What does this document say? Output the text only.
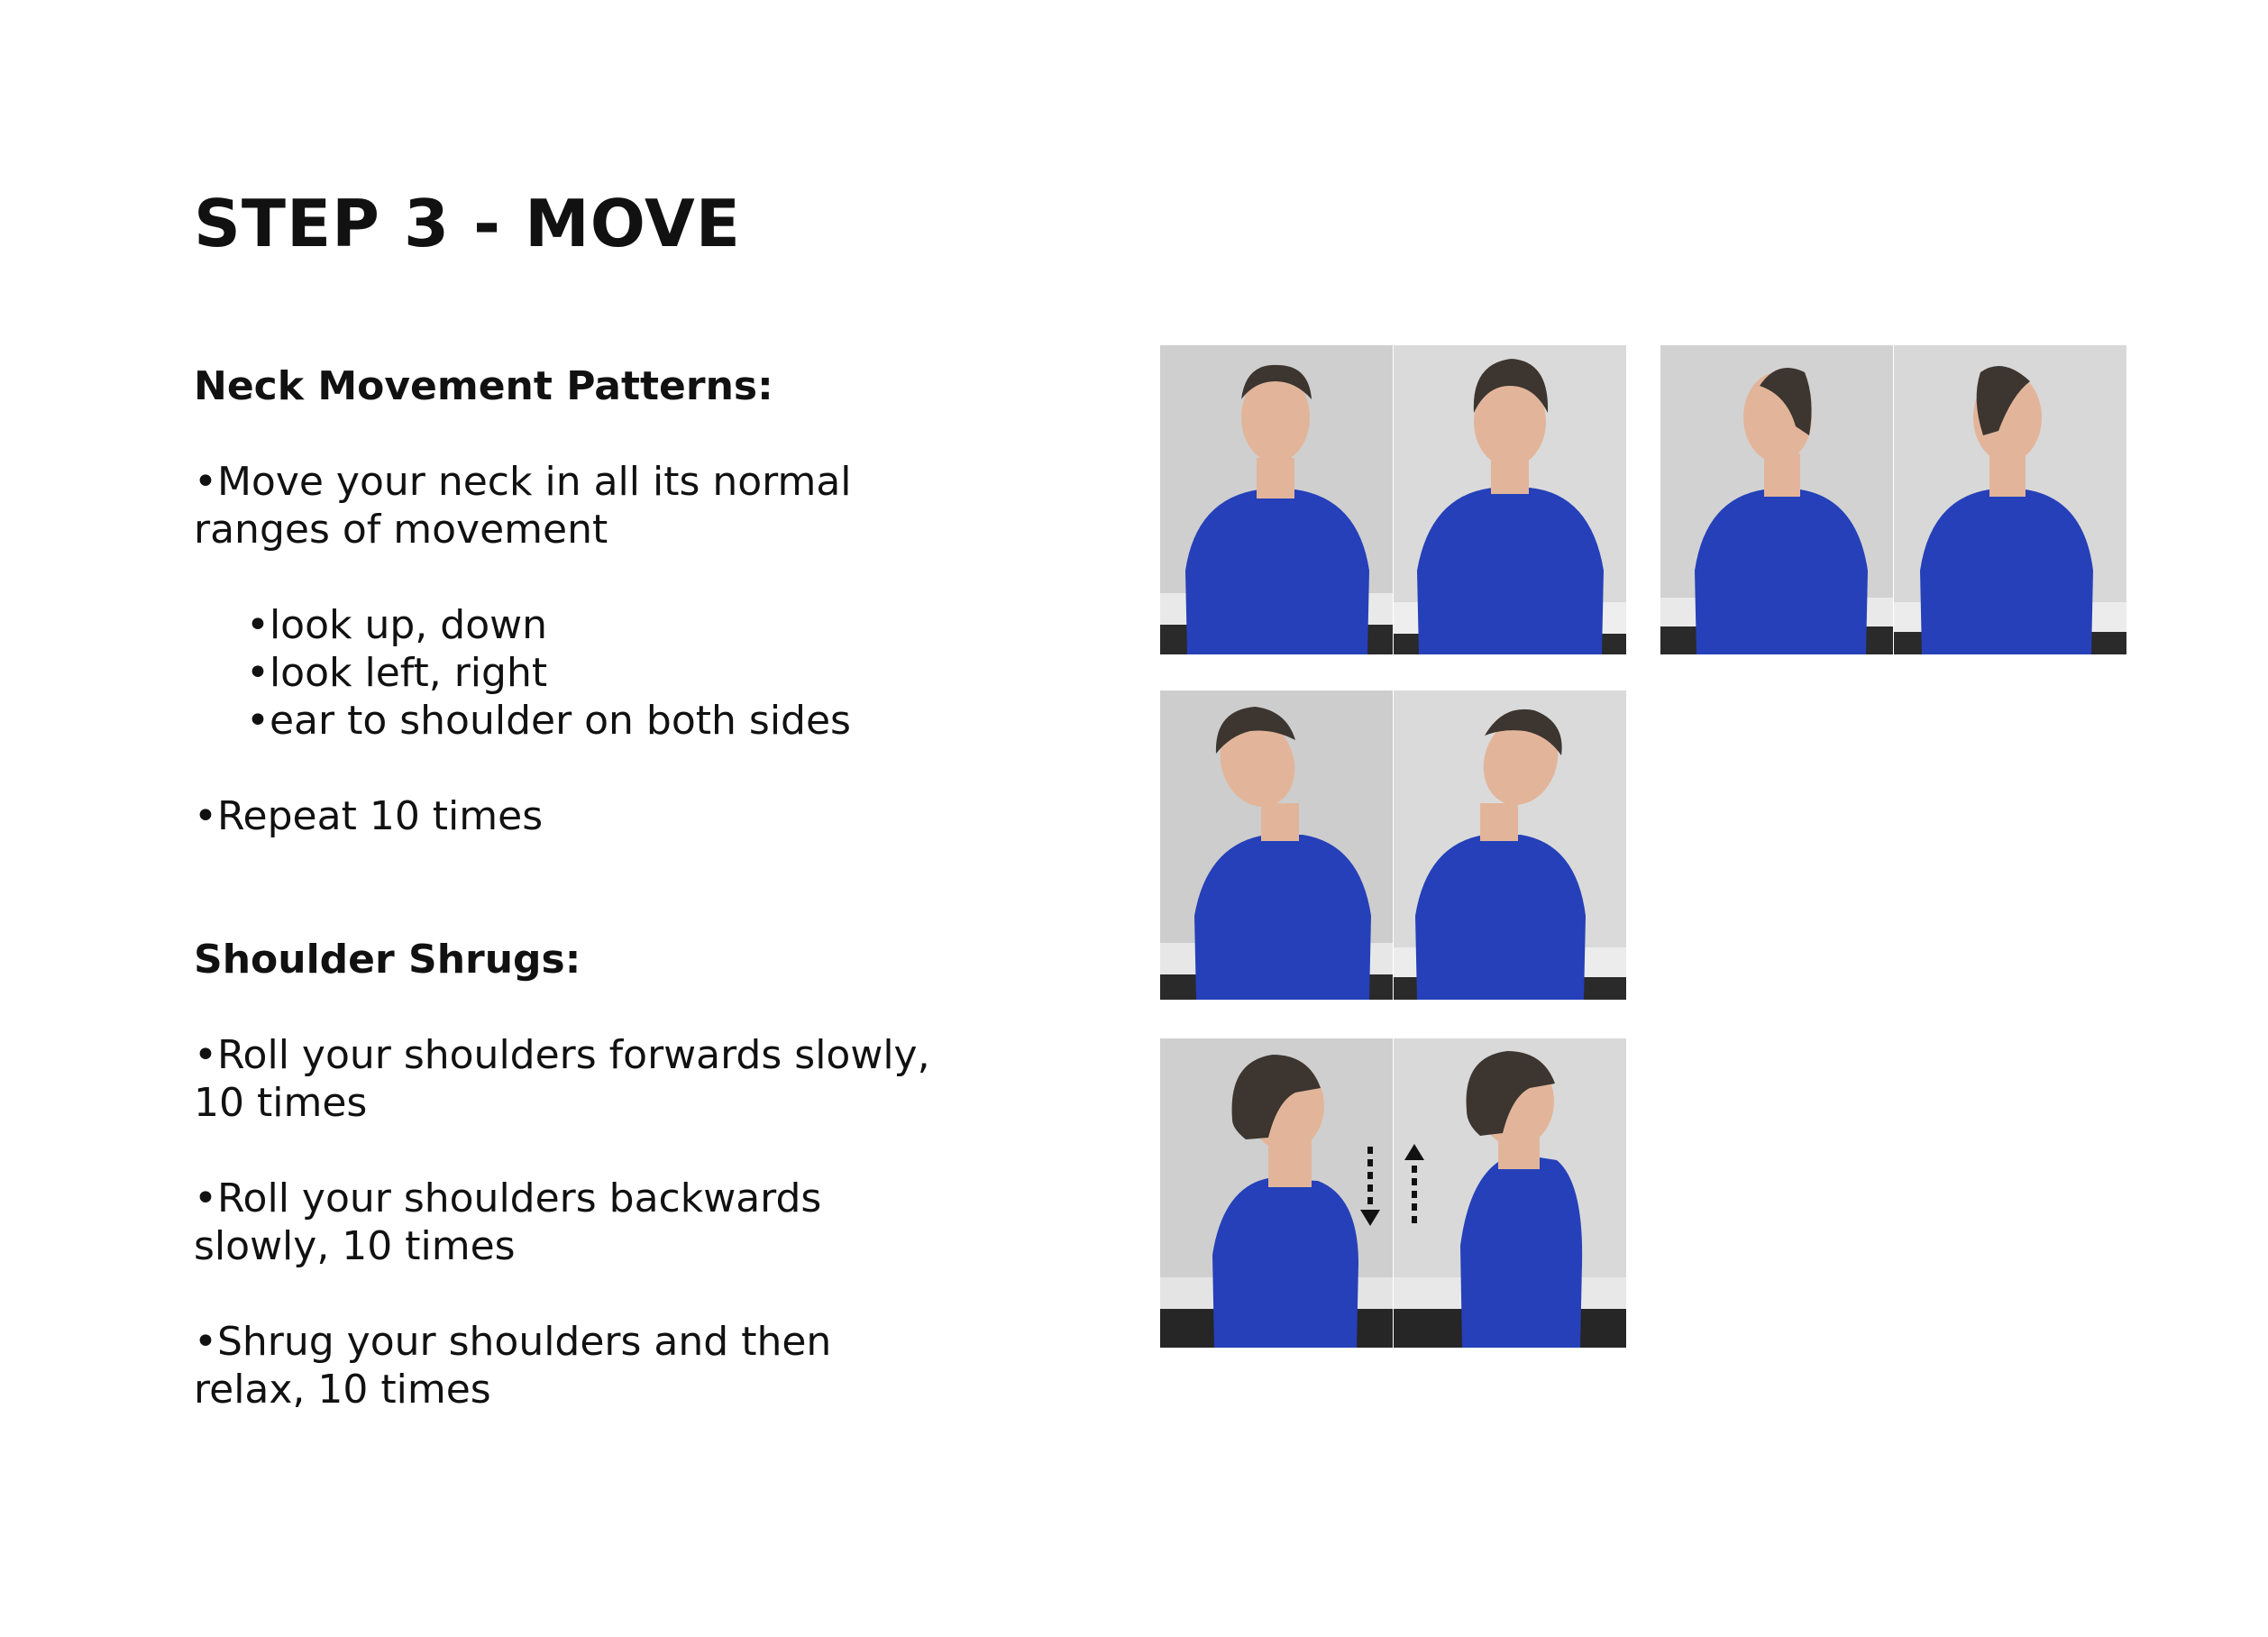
STEP 3 - MOVE

Neck Movement Patterns:

• Move your neck in all its normal

ranges of movement

• look up, down

• look left, right

• ear to shoulder on both sides

• Repeat 10 times

Shoulder Shrugs:

• Roll your shoulders forwards slowly,

10 times

• Roll your shoulders backwards

slowly, 10 times

• Shrug your shoulders and then

relax, 10 times
